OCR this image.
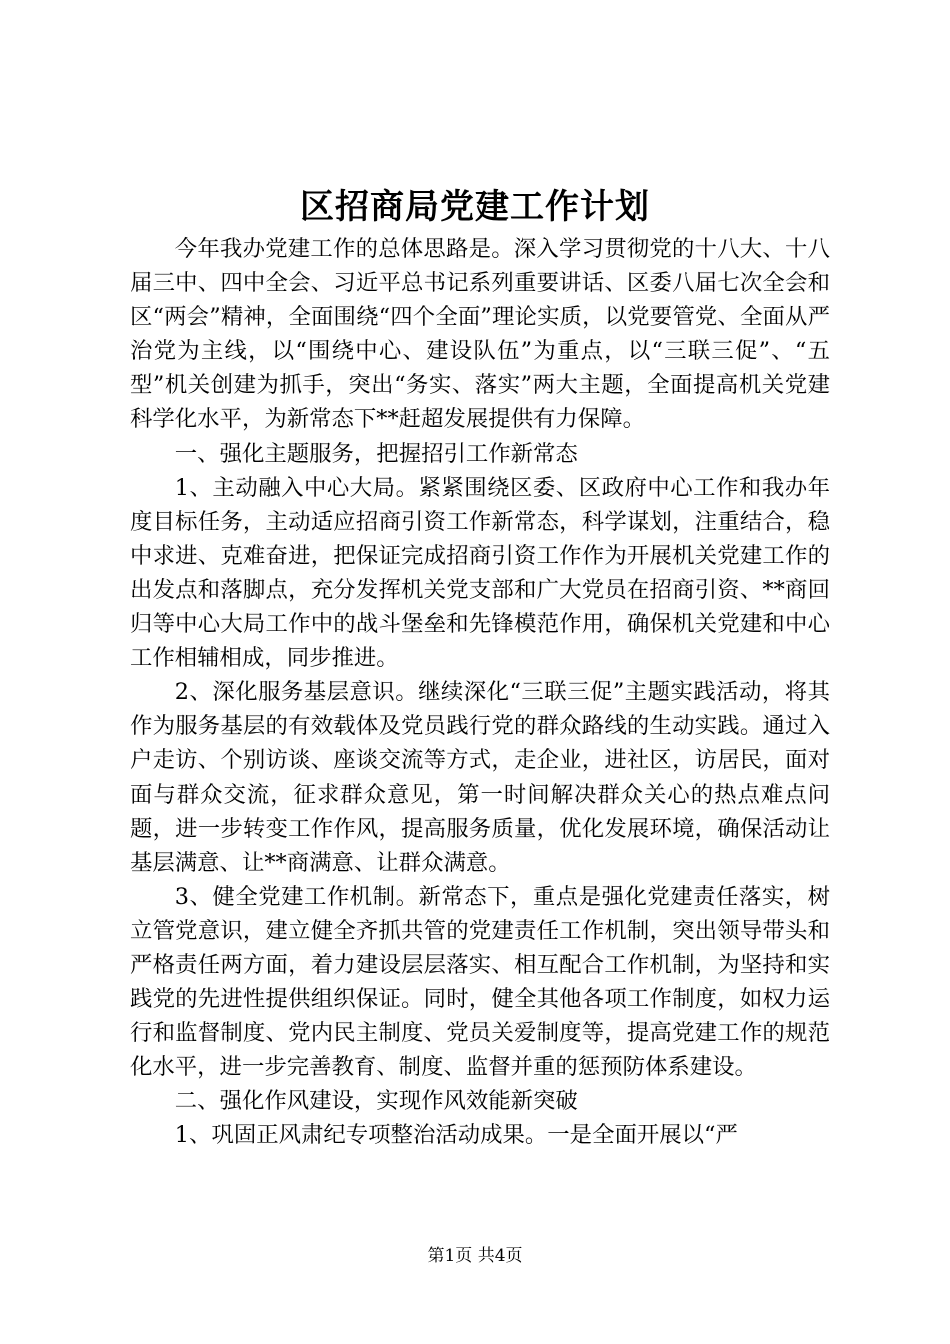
区招商局党建工作计划

今年我办党建工作的总体思路是。深入学习贯彻党的十八大、十八届三中、四中全会、习近平总书记系列重要讲话、区委八届七次全会和区“两会”精神，全面围绕“四个全面”理论实质，以党要管党、全面从严治党为主线，以“围绕中心、建设队伍”为重点，以“三联三促”、“五型”机关创建为抓手，突出“务实、落实”两大主题，全面提高机关党建科学化水平，为新常态下**赶超发展提供有力保障。

一、强化主题服务，把握招引工作新常态

1、主动融入中心大局。紧紧围绕区委、区政府中心工作和我办年度目标任务，主动适应招商引资工作新常态，科学谋划，注重结合，稳中求进、克难奋进，把保证完成招商引资工作作为开展机关党建工作的出发点和落脚点，充分发挥机关党支部和广大党员在招商引资、**商回归等中心大局工作中的战斗堡垒和先锋模范作用，确保机关党建和中心工作相辅相成，同步推进。

2、深化服务基层意识。继续深化“三联三促”主题实践活动，将其作为服务基层的有效载体及党员践行党的群众路线的生动实践。通过入户走访、个别访谈、座谈交流等方式，走企业，进社区，访居民，面对面与群众交流，征求群众意见，第一时间解决群众关心的热点难点问题，进一步转变工作作风，提高服务质量，优化发展环境，确保活动让基层满意、让**商满意、让群众满意。

3、健全党建工作机制。新常态下，重点是强化党建责任落实，树立管党意识，建立健全齐抓共管的党建责任工作机制，突出领导带头和严格责任两方面，着力建设层层落实、相互配合工作机制，为坚持和实践党的先进性提供组织保证。同时，健全其他各项工作制度，如权力运行和监督制度、党内民主制度、党员关爱制度等，提高党建工作的规范化水平，进一步完善教育、制度、监督并重的惩预防体系建设。

二、强化作风建设，实现作风效能新突破

1、巩固正风肃纪专项整治活动成果。一是全面开展以“严

第1页 共4页
